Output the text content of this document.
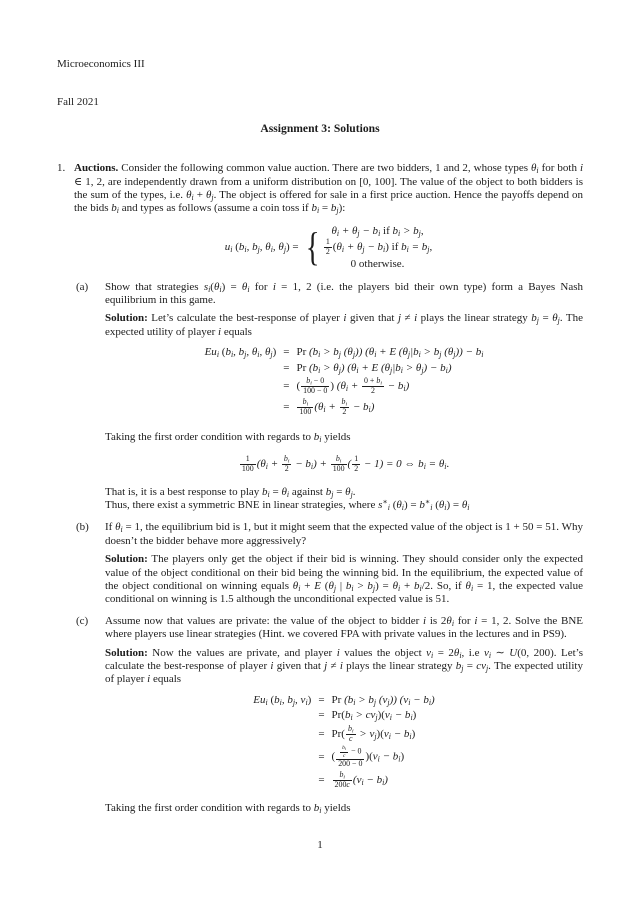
Microeconomics III

Fall 2021

Assignment 3: Solutions
1. Auctions. Consider the following common value auction. There are two bidders, 1 and 2, whose types $\theta_i$ for both i ∈ 1, 2, are independently drawn from a uniform distribution on [0, 100]. The value of the object to both bidders is the sum of the types, i.e. $\theta_i + \theta_j$. The object is offered for sale in a first price auction. Hence the payoffs depend on the bids $b_i$ and types as follows (assume a coin toss if $b_i = b_j$):

$u_i$ ($b_i$, $b_j$, $\theta_i$, $\theta_j$) = {	$\theta_i + \theta_j - b_i$ if $b_i > b_j$,
$\frac{1}{2} (\theta_i + \theta_j - b_i)$ if $b_i = b_j$,
0 otherwise.
(a) Show that strategies $s_i(\theta_i) = \theta_i$ for i = 1, 2 (i.e. the players bid their own type) form a Bayes Nash equilibrium in this game.

Solution: Let’s calculate the best-response of player i given that j ≠ i plays the linear strategy $b_j = \theta_j$. The expected utility of player i equals

$Eu_i$ ($b_i$, $b_j$, $\theta_i$, $\theta_j$)	=	Pr ($b_i > b_j$ $(\theta_j)$) ($\theta_i + E$ ($\theta_j|b_i > b_j$ $(\theta_j)) - b_i$
	=	Pr $(b_i > \theta_j) (\theta_i + E$ $(\theta_j|b_i > \theta_j) - b_i$)
	=	( $\frac{b_i - 0}{100 - 0}$ ) $(\theta_i + \frac{0 + b_i}{2} - b_i)$
	=	$\frac{b_i}{100} (\theta_i + \frac{b_i}{2} - b_i)$

Taking the first order condition with regards to $b_i$ yields

$\frac{1}{100} (\theta_i + \frac{b_i}{2} - b_i) + \frac{b_i}{100}$ ( $\frac{1}{2} - 1) = 0$ ⇔ $b_i = \theta_i$.

That is, it is a best response to play $b_i = \theta_i$ against $b_j = \theta_j$.

Thus, there exist a symmetric BNE in linear strategies, where $s^∗_i$ $(\theta_i) = b^∗_i$ $(\theta_i) = \theta_i$

(b) If $\theta_i = 1$, the equilibrium bid is 1, but it might seem that the expected value of the object is 1 + 50 = 51. Why doesn’t the bidder behave more aggressively?

Solution: The players only get the object if their bid is winning. They should consider only the expected value of the object conditional on their bid being the winning bid. In the equilibrium, the expected value of the object conditional on winning equals $\theta_i + E$ ($\theta_j$ | $b_i > b_j) = \theta_i + b_i/2$. So, if $\theta_i = 1$, the expected value conditional on winning is 1.5 although the unconditional expected value is 51.

(c) Assume now that values are private: the value of the object to bidder i is $2\theta_i$ for i = 1, 2. Solve the BNE where players use linear strategies (Hint. we covered FPA with private values in the lectures and in PS9).

Solution: Now the values are private, and player i values the object $v_i = 2\theta_i$, i.e $v_i$ ∼ U(0, 200). Let’s calculate the best-response of player i given that j ≠ i plays the linear strategy $b_j = cv_j$. The expected utility of player i equals

$Eu_i$ ($b_i$, $b_j$, $v_i$)	=	Pr ($b_i > b_j$ $(v_j)$) $(v_i - b_i)$
	=	$Pr(b_i > cv_j)(v_i - b_i)$
	=	$Pr( \frac{b_i}{c} > v_j)(v_i - b_i)$
	=	( $\frac{\frac{b_i}{c} - 0}{200 - 0} )(v_i - b_i)$
	=	$\frac{b_i}{200c} (v_i - b_i)$

Taking the first order condition with regards to $b_i$ yields

1
